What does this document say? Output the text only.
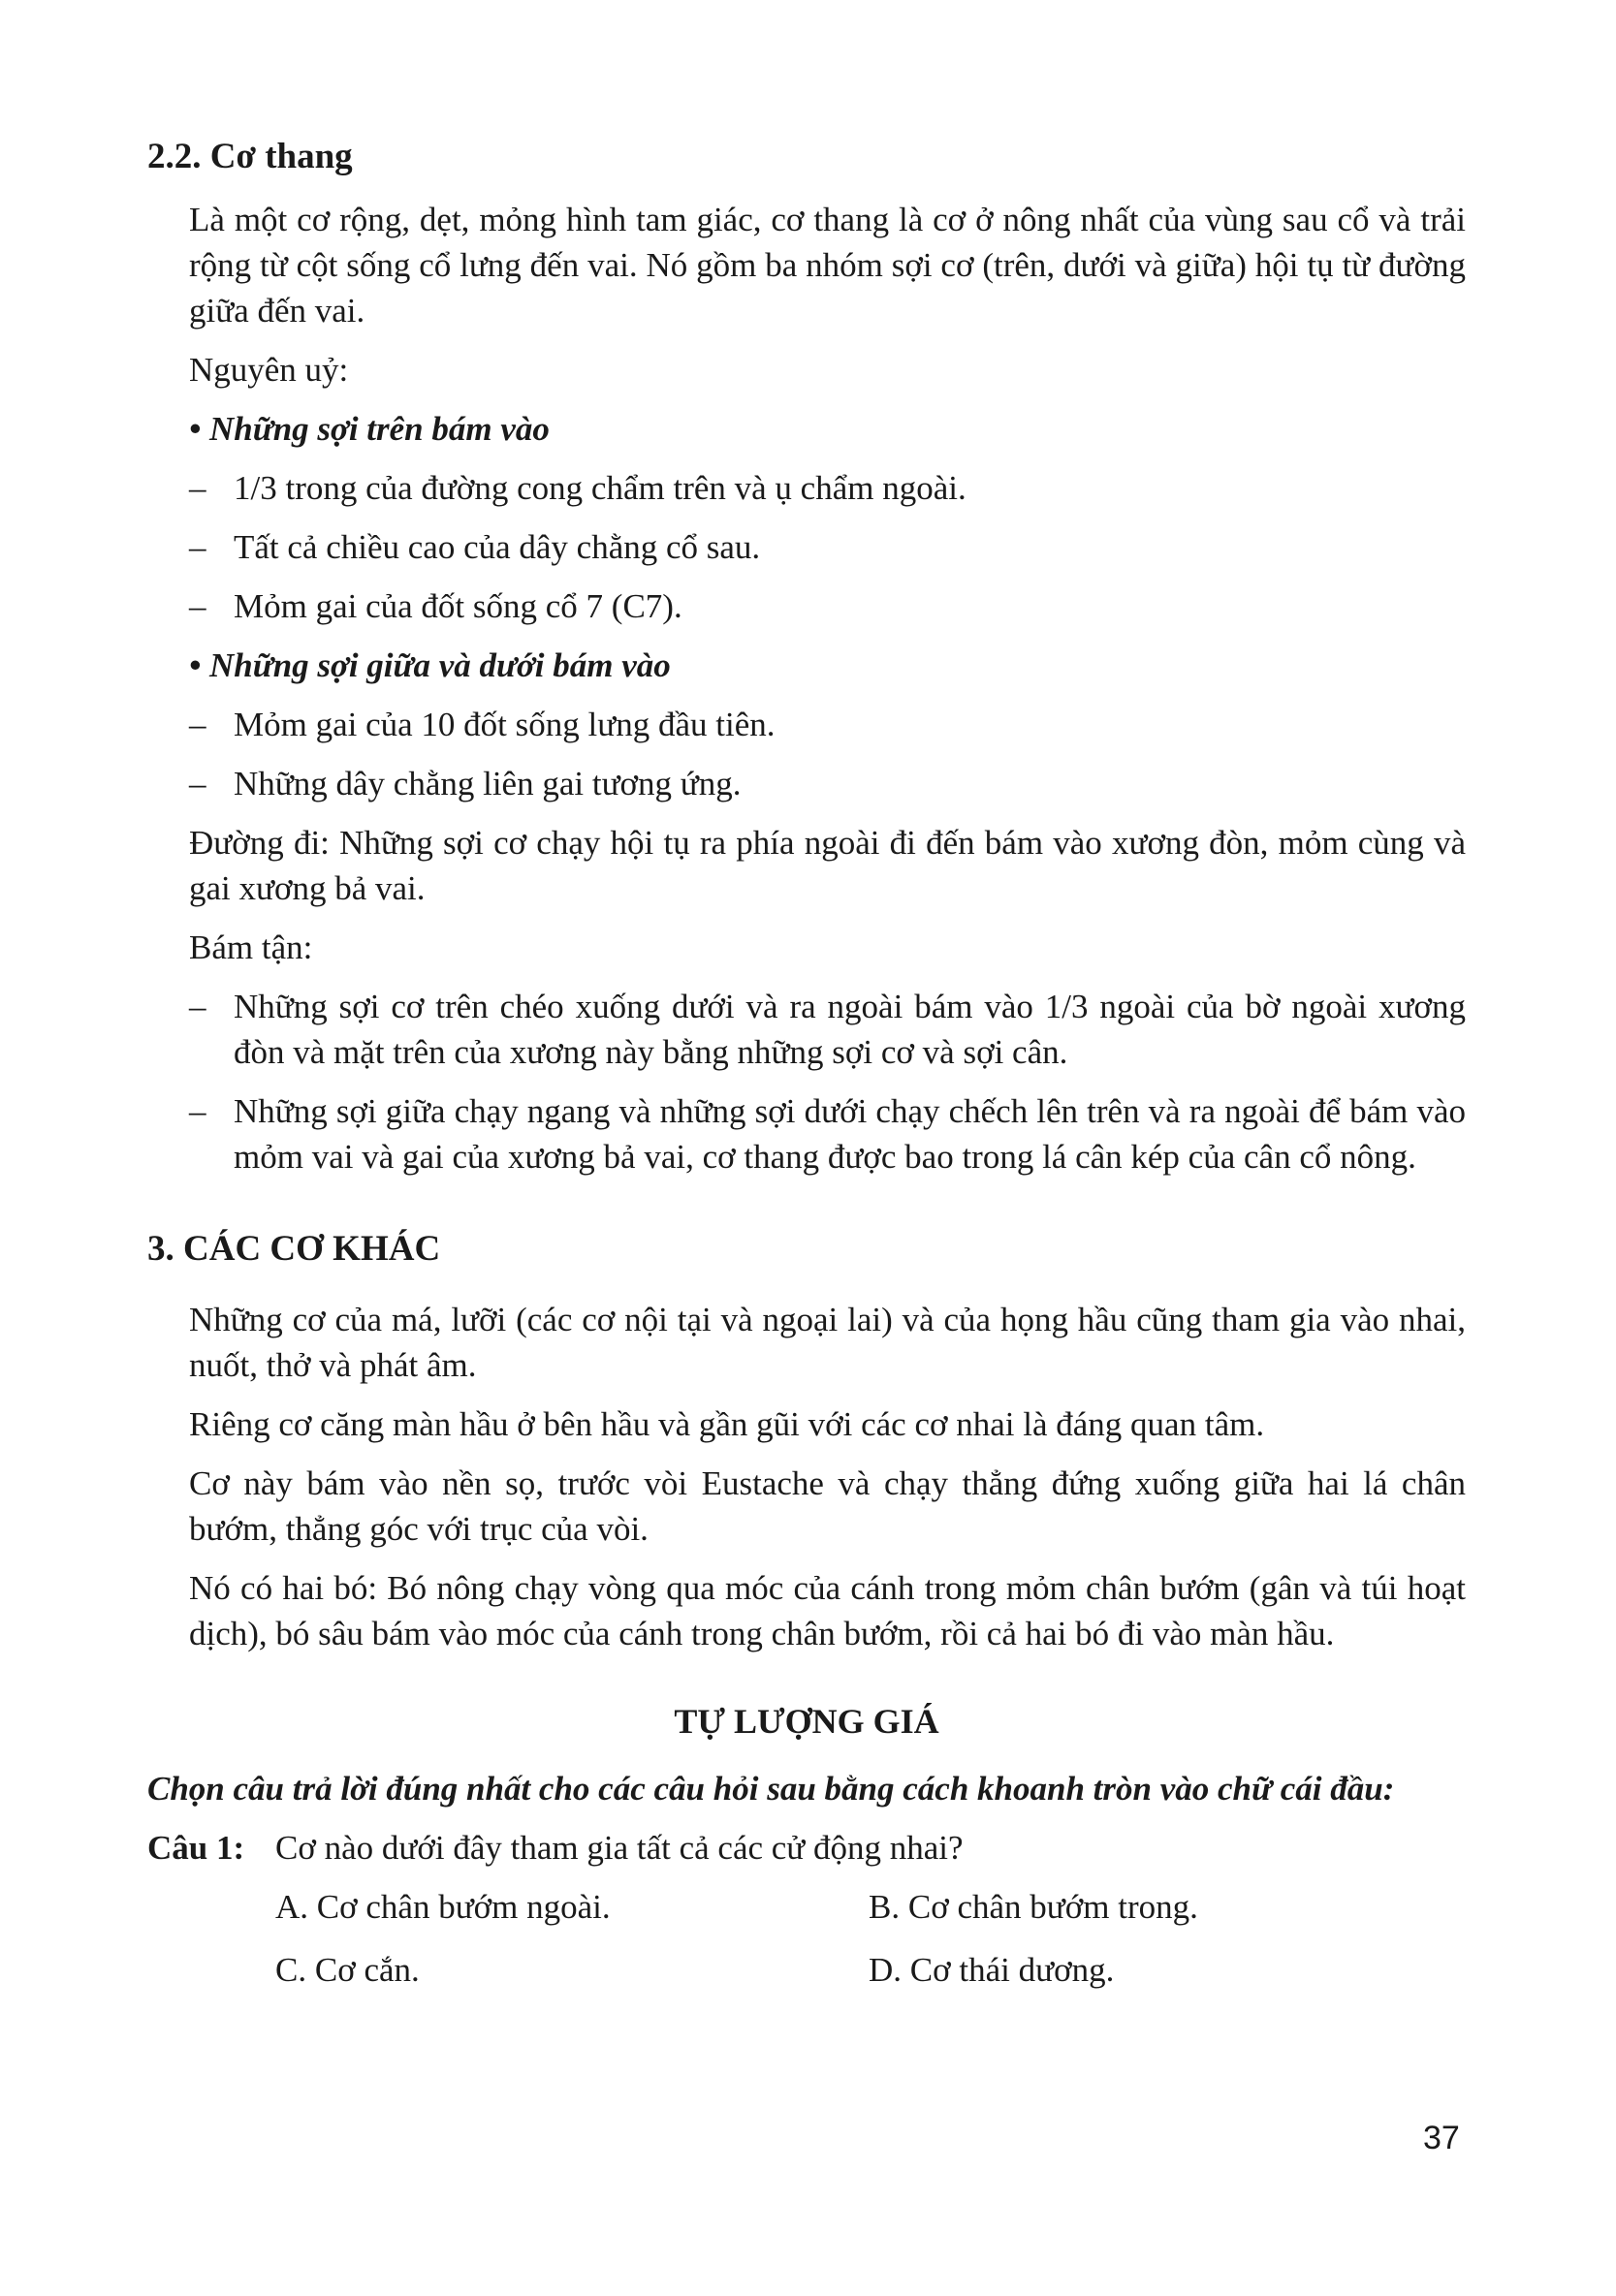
2.2. Cơ thang

Là một cơ rộng, dẹt, mỏng hình tam giác, cơ thang là cơ ở nông nhất của vùng sau cổ và trải rộng từ cột sống cổ lưng đến vai. Nó gồm ba nhóm sợi cơ (trên, dưới và giữa) hội tụ từ đường giữa đến vai.

Nguyên uỷ:

• Những sợi trên bám vào
– 1/3 trong của đường cong chẩm trên và ụ chẩm ngoài.
– Tất cả chiều cao của dây chằng cổ sau.
– Mỏm gai của đốt sống cổ 7 (C7).
• Những sợi giữa và dưới bám vào
– Mỏm gai của 10 đốt sống lưng đầu tiên.
– Những dây chằng liên gai tương ứng.

Đường đi: Những sợi cơ chạy hội tụ ra phía ngoài đi đến bám vào xương đòn, mỏm cùng và gai xương bả vai.

Bám tận:

– Những sợi cơ trên chéo xuống dưới và ra ngoài bám vào 1/3 ngoài của bờ ngoài xương đòn và mặt trên của xương này bằng những sợi cơ và sợi cân.
– Những sợi giữa chạy ngang và những sợi dưới chạy chếch lên trên và ra ngoài để bám vào mỏm vai và gai của xương bả vai, cơ thang được bao trong lá cân kép của cân cổ nông.
3. CÁC CƠ KHÁC

Những cơ của má, lưỡi (các cơ nội tại và ngoại lai) và của họng hầu cũng tham gia vào nhai, nuốt, thở và phát âm.

Riêng cơ căng màn hầu ở bên hầu và gần gũi với các cơ nhai là đáng quan tâm.

Cơ này bám vào nền sọ, trước vòi Eustache và chạy thẳng đứng xuống giữa hai lá chân bướm, thẳng góc với trục của vòi.

Nó có hai bó: Bó nông chạy vòng qua móc của cánh trong mỏm chân bướm (gân và túi hoạt dịch), bó sâu bám vào móc của cánh trong chân bướm, rồi cả hai bó đi vào màn hầu.

TỰ LƯỢNG GIÁ
Chọn câu trả lời đúng nhất cho các câu hỏi sau bằng cách khoanh tròn vào chữ cái đầu:
Câu 1: Cơ nào dưới đây tham gia tất cả các cử động nhai?
A. Cơ chân bướm ngoài.	B. Cơ chân bướm trong.
C. Cơ cắn.	D. Cơ thái dương.
37
